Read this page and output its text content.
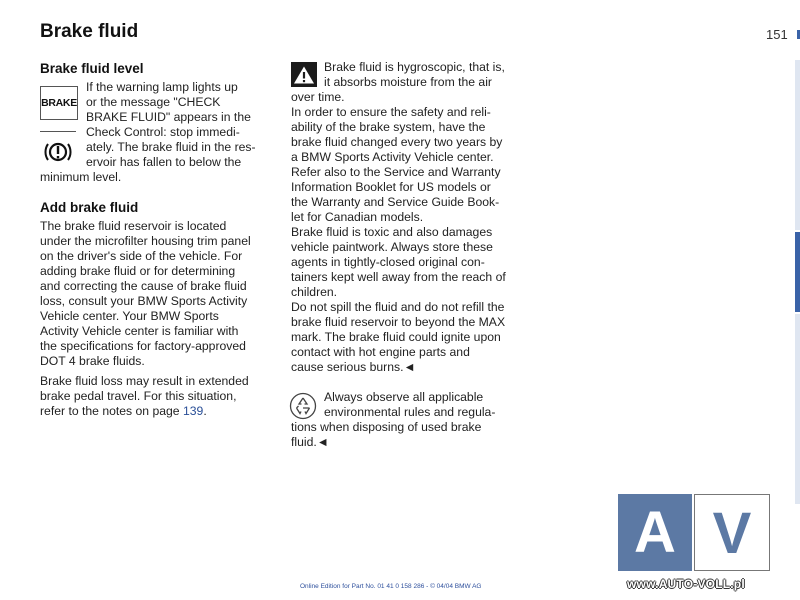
Brake fluid	151
Brake fluid level
BRAKE
If the warning lamp lights up
or the message "CHECK
BRAKE FLUID" appears in the
Check Control: stop immedi-
ately. The brake fluid in the res-
ervoir has fallen to below the
minimum level.
Add brake fluid
The brake fluid reservoir is located
under the microfilter housing trim panel
on the driver's side of the vehicle. For
adding brake fluid or for determining
and correcting the cause of brake fluid
loss, consult your BMW Sports Activity
Vehicle center. Your BMW Sports
Activity Vehicle center is familiar with
the specifications for factory-approved
DOT 4 brake fluids.
Brake fluid loss may result in extended
brake pedal travel. For this situation,
refer to the notes on page 139.
Brake fluid is hygroscopic, that is,
it absorbs moisture from the air
over time.
In order to ensure the safety and reli-
ability of the brake system, have the
brake fluid changed every two years by
a BMW Sports Activity Vehicle center.
Refer also to the Service and Warranty
Information Booklet for US models or
the Warranty and Service Guide Book-
let for Canadian models.
Brake fluid is toxic and also damages
vehicle paintwork. Always store these
agents in tightly-closed original con-
tainers kept well away from the reach of
children.
Do not spill the fluid and do not refill the
brake fluid reservoir to beyond the MAX
mark. The brake fluid could ignite upon
contact with hot engine parts and
cause serious burns.◄
Always observe all applicable
environmental rules and regula-
tions when disposing of used brake
fluid.◄
Online Edition for Part No. 01 41 0 158 286 - © 04/04 BMW AG
A V
www.AUTO-VOLL.pl
